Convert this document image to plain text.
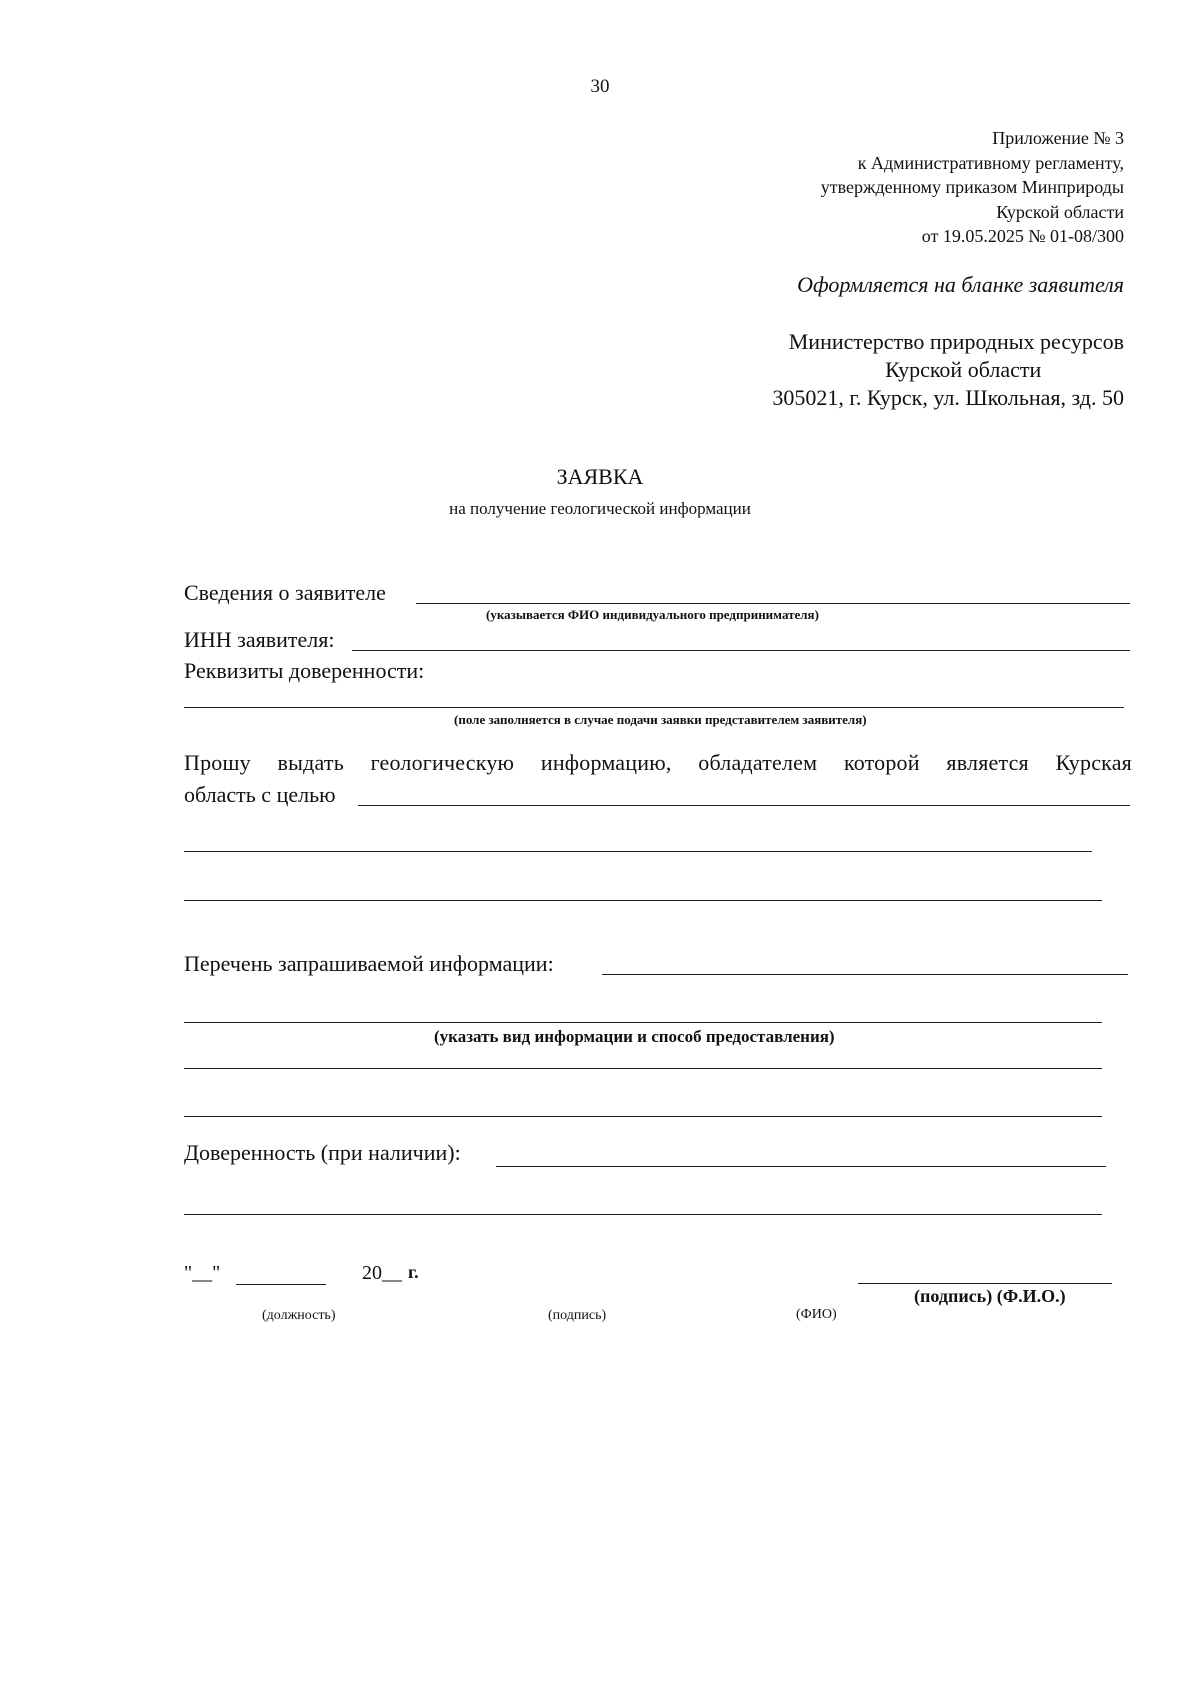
30
Приложение № 3
к Административному регламенту,
утвержденному приказом Минприроды
Курской области
от 19.05.2025 № 01-08/300
Оформляется на бланке заявителя
Министерство природных ресурсов
Курской области
305021, г. Курск, ул. Школьная, зд. 50
ЗАЯВКА
на получение геологической информации
Сведения о заявителе
(указывается ФИО индивидуального предпринимателя)
ИНН заявителя:
Реквизиты доверенности:
(поле заполняется в случае подачи заявки представителем заявителя)
Прошу выдать геологическую информацию, обладателем которой является Курская
область с целью
Перечень запрашиваемой информации:
(указать вид информации и способ предоставления)
Доверенность (при наличии):
"__"	20__ г.
(подпись) (Ф.И.О.)
(должность)	(подпись)	(ФИО)
